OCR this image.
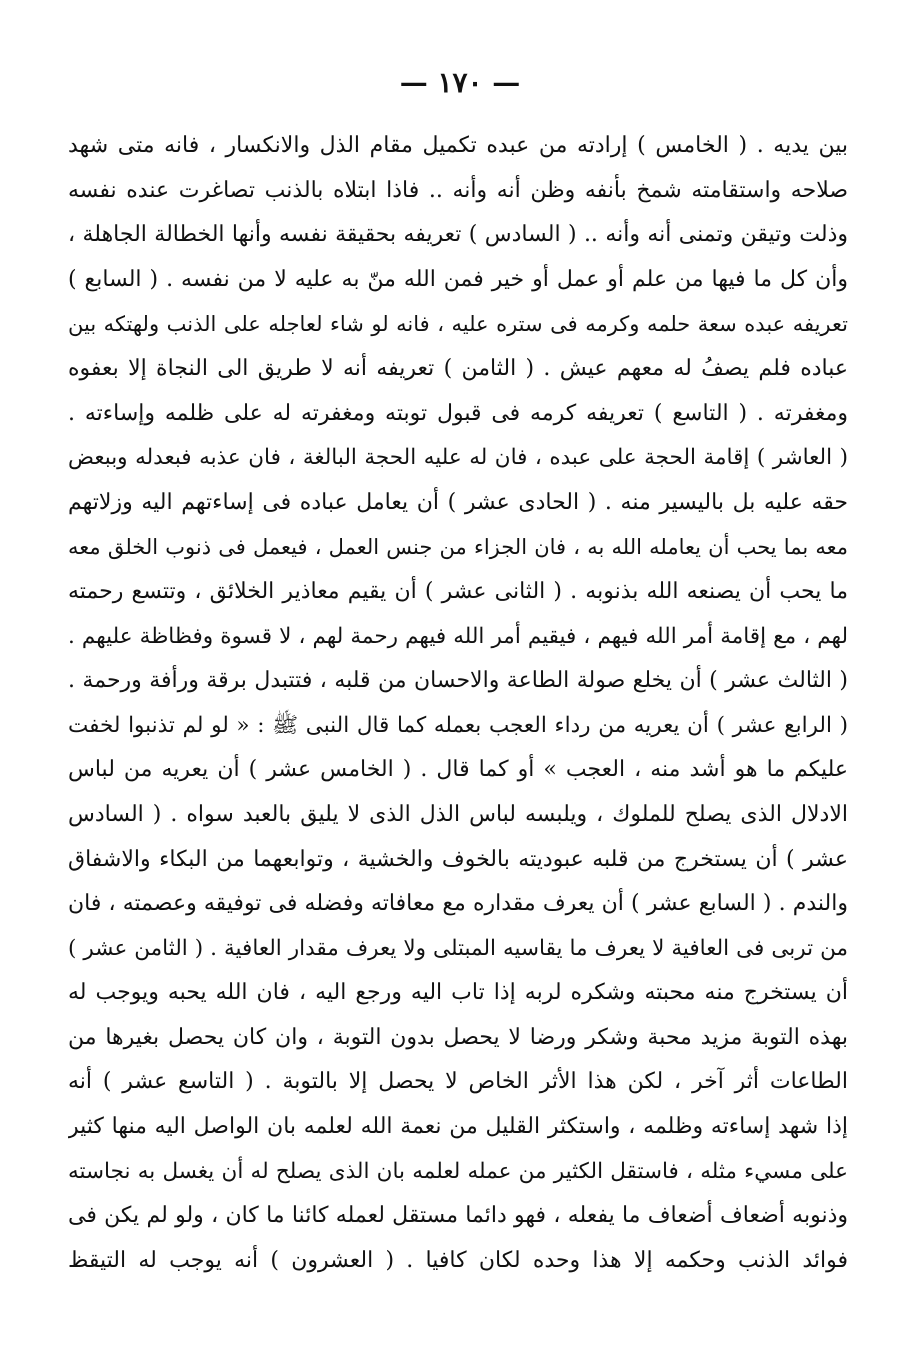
— ١٧٠ —
بين يديه . ( الخامس ) إرادته من عبده تكميل مقام الذل والانكسار ، فانه متى شهد
صلاحه واستقامته شمخ بأنفه وظن أنه وأنه .. فاذا ابتلاه بالذنب تصاغرت عنده نفسه
وذلت وتيقن وتمنى أنه وأنه .. ( السادس ) تعريفه بحقيقة نفسه وأنها الخطالة الجاهلة ،
وأن كل ما فيها من علم أو عمل أو خير فمن الله منّ به عليه لا من نفسه . ( السابع )
تعريفه عبده سعة حلمه وكرمه فى ستره عليه ، فانه لو شاء لعاجله على الذنب ولهتكه بين
عباده فلم يصفُ له معهم عيش . ( الثامن ) تعريفه أنه لا طريق الى النجاة إلا بعفوه
ومغفرته . ( التاسع ) تعريفه كرمه فى قبول توبته ومغفرته له على ظلمه وإساءته .
( العاشر ) إقامة الحجة على عبده ، فان له عليه الحجة البالغة ، فان عذبه فبعدله وببعض
حقه عليه بل باليسير منه . ( الحادى عشر ) أن يعامل عباده فى إساءتهم اليه وزلاتهم
معه بما يحب أن يعامله الله به ، فان الجزاء من جنس العمل ، فيعمل فى ذنوب الخلق معه
ما يحب أن يصنعه الله بذنوبه . ( الثانى عشر ) أن يقيم معاذير الخلائق ، وتتسع رحمته
لهم ، مع إقامة أمر الله فيهم ، فيقيم أمر الله فيهم رحمة لهم ، لا قسوة وفظاظة عليهم .
( الثالث عشر ) أن يخلع صولة الطاعة والاحسان من قلبه ، فتتبدل برقة ورأفة ورحمة .
( الرابع عشر ) أن يعريه من رداء العجب بعمله كما قال النبى ﷺ : « لو لم تذنبوا لخفت
عليكم ما هو أشد منه ، العجب » أو كما قال . ( الخامس عشر ) أن يعريه من لباس
الادلال الذى يصلح للملوك ، ويلبسه لباس الذل الذى لا يليق بالعبد سواه . ( السادس
عشر ) أن يستخرج من قلبه عبوديته بالخوف والخشية ، وتوابعهما من البكاء والاشفاق
والندم . ( السابع عشر ) أن يعرف مقداره مع معافاته وفضله فى توفيقه وعصمته ، فان
من تربى فى العافية لا يعرف ما يقاسيه المبتلى ولا يعرف مقدار العافية . ( الثامن عشر )
أن يستخرج منه محبته وشكره لربه إذا تاب اليه ورجع اليه ، فان الله يحبه ويوجب له
بهذه التوبة مزيد محبة وشكر ورضا لا يحصل بدون التوبة ، وان كان يحصل بغيرها من
الطاعات أثر آخر ، لكن هذا الأثر الخاص لا يحصل إلا بالتوبة . ( التاسع عشر ) أنه
إذا شهد إساءته وظلمه ، واستكثر القليل من نعمة الله لعلمه بان الواصل اليه منها كثير
على مسيء مثله ، فاستقل الكثير من عمله لعلمه بان الذى يصلح له أن يغسل به نجاسته
وذنوبه أضعاف أضعاف ما يفعله ، فهو دائما مستقل لعمله كائنا ما كان ، ولو لم يكن فى
فوائد الذنب وحكمه إلا هذا وحده لكان كافيا . ( العشرون ) أنه يوجب له التيقظ
